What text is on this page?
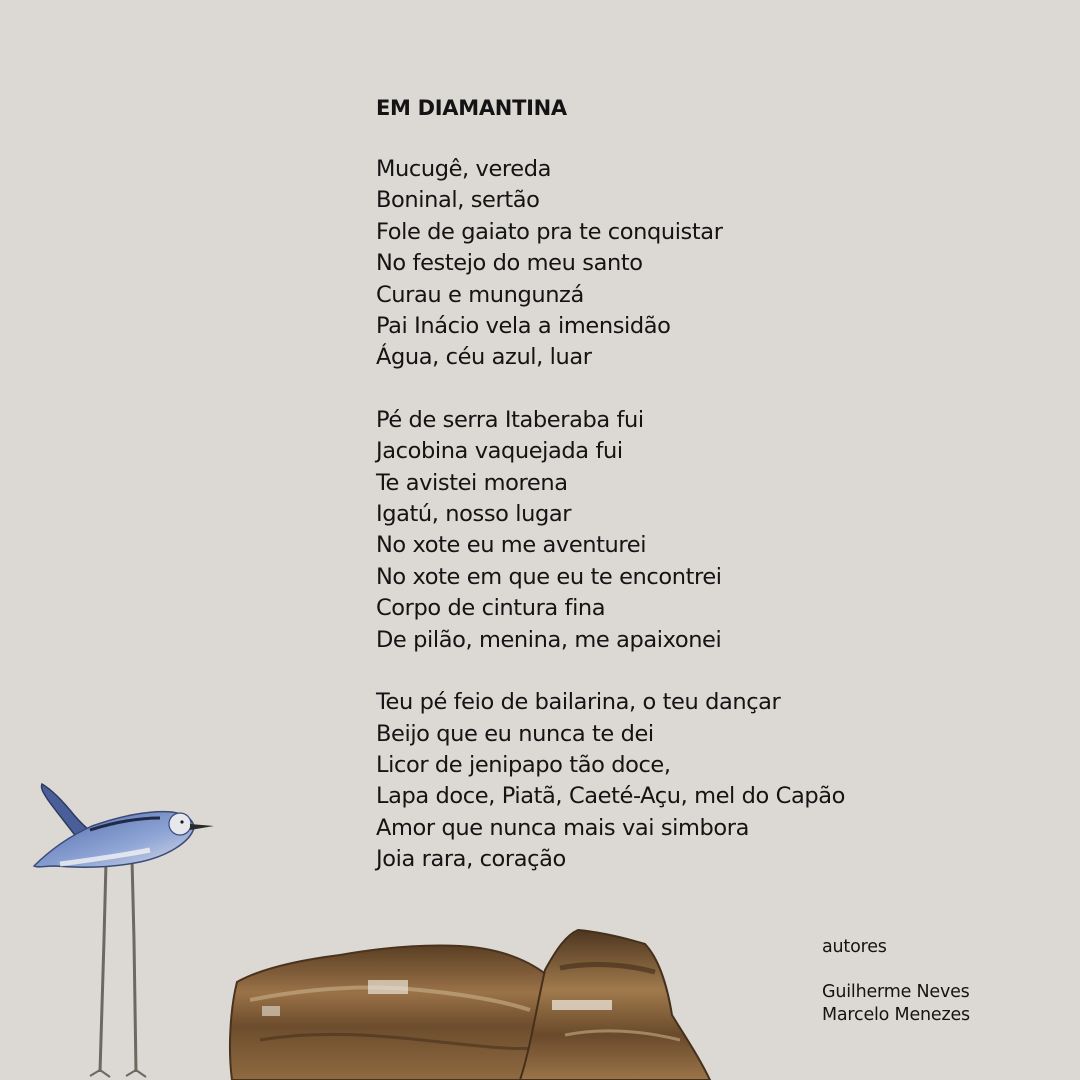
EM DIAMANTINA
Mucugê, vereda
Boninal, sertão
Fole de gaiato pra te conquistar
No festejo do meu santo
Curau e mungunzá
Pai Inácio vela a imensidão
Água, céu azul, luar
Pé de serra Itaberaba fui
Jacobina vaquejada fui
Te avistei morena
Igatú, nosso lugar
No xote eu me aventurei
No xote em que eu te encontrei
Corpo de cintura fina
De pilão, menina, me apaixonei
Teu pé feio de bailarina, o teu dançar
Beijo que eu nunca te dei
Licor de jenipapo tão doce,
Lapa doce, Piatã, Caeté-Açu, mel do Capão
Amor que nunca mais vai simbora
Joia rara, coração
autores
Guilherme Neves
Marcelo Menezes
